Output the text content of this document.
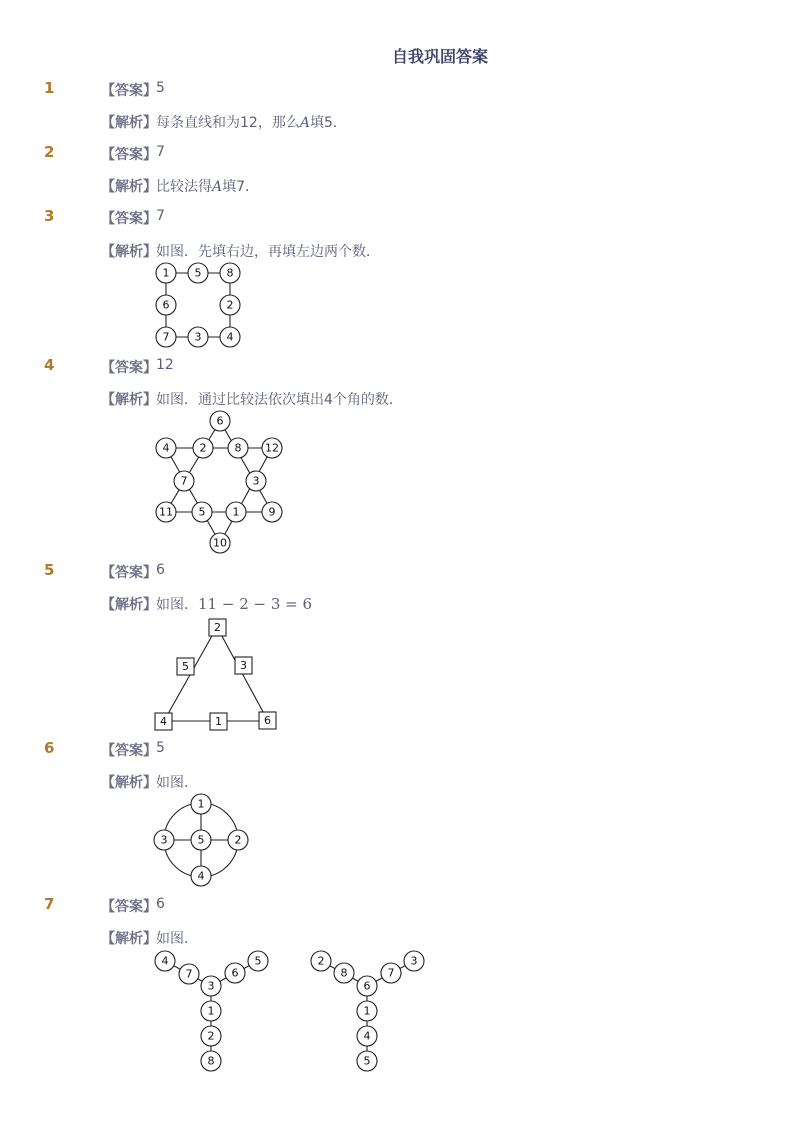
自我巩固答案
1	【答案】 5
【解析】 每条直线和为12，那么A填5．
2	【答案】 7
【解析】 比较法得A填7．
3	【答案】 7
【解析】 如图．先填右边，再填左边两个数．
1 5 8
6	2
7 3 4
4	【答案】 12
【解析】 如图．通过比较法依次填出4个角的数．
6
4	2	8 12
7	3
11 5 1	9
10
5	【答案】 6
【解析】 如图．11 − 2 − 3 = 6
2
5	3
4	1	6
6	【答案】 5
【解析】 如图．
1
3	5	2
4
7	【答案】 6
【解析】 如图．
4
7
3
6
5
1
2
8
2
8
6
7
3
1
4
5
